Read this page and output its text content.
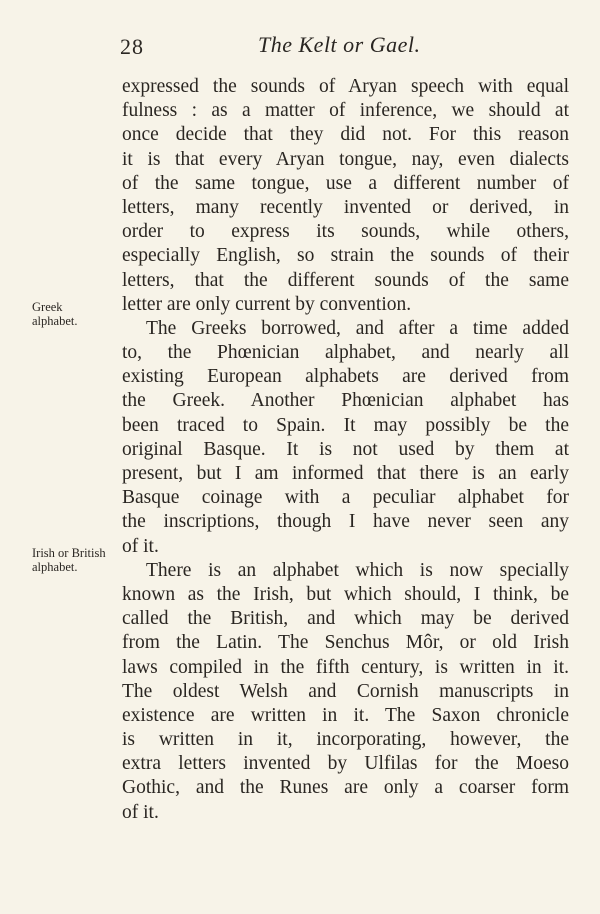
28	The Kelt or Gael.
Greek
alphabet.
Irish or British
alphabet.
expressed the sounds of Aryan speech with equal
fulness : as a matter of inference, we should at
once decide that they did not. For this reason
it is that every Aryan tongue, nay, even dialects
of the same tongue, use a different number of
letters, many recently invented or derived, in
order to express its sounds, while others,
especially English, so strain the sounds of their
letters, that the different sounds of the same
letter are only current by convention.
The Greeks borrowed, and after a time added
to, the Phœnician alphabet, and nearly all
existing European alphabets are derived from
the Greek. Another Phœnician alphabet has
been traced to Spain. It may possibly be the
original Basque. It is not used by them at
present, but I am informed that there is an early
Basque coinage with a peculiar alphabet for
the inscriptions, though I have never seen any
of it.
There is an alphabet which is now specially
known as the Irish, but which should, I think, be
called the British, and which may be derived
from the Latin. The Senchus Môr, or old Irish
laws compiled in the fifth century, is written in it.
The oldest Welsh and Cornish manuscripts in
existence are written in it. The Saxon chronicle
is written in it, incorporating, however, the
extra letters invented by Ulfilas for the Moeso
Gothic, and the Runes are only a coarser form
of it.
